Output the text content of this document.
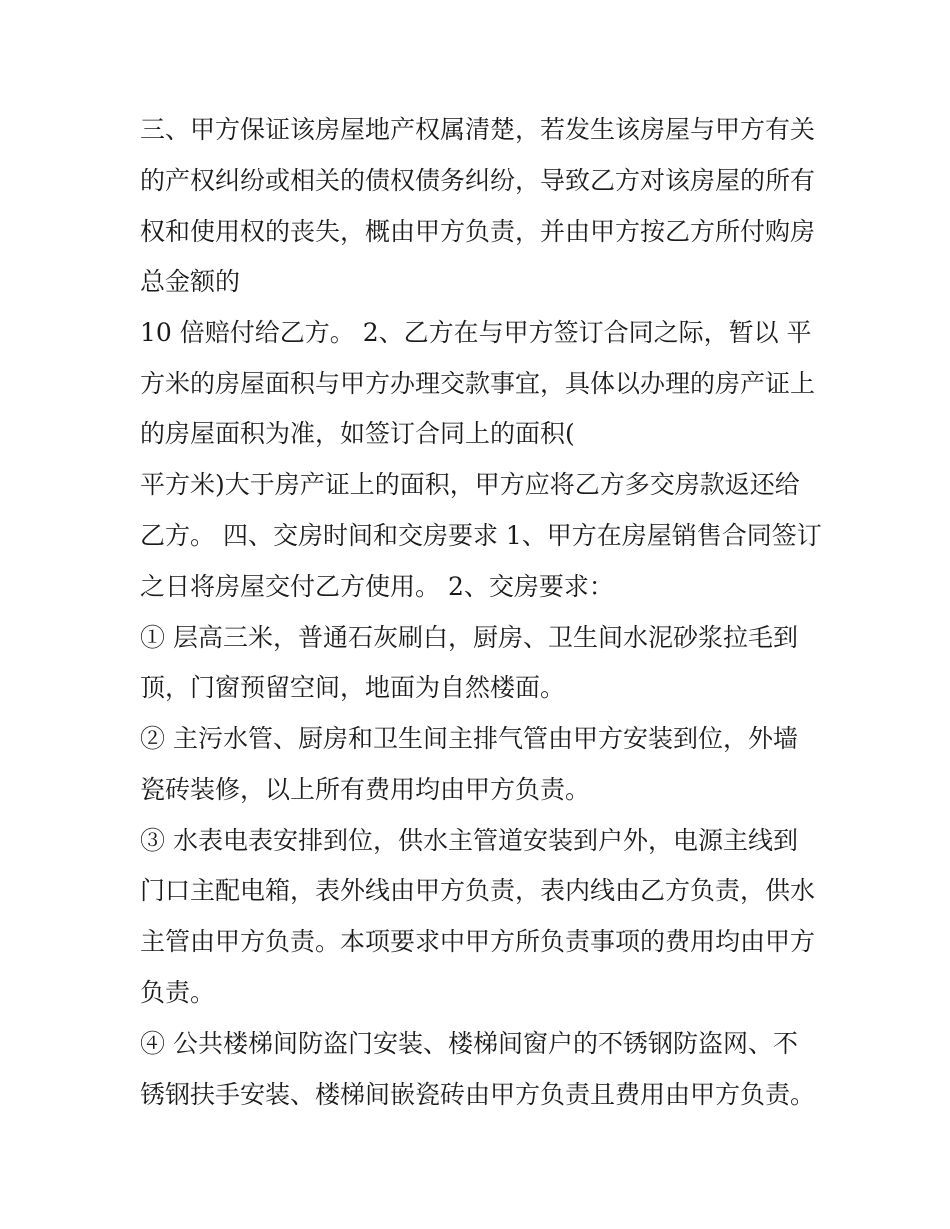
三、甲方保证该房屋地产权属清楚，若发生该房屋与甲方有关
的产权纠纷或相关的债权债务纠纷，导致乙方对该房屋的所有
权和使用权的丧失，概由甲方负责，并由甲方按乙方所付购房
总金额的
10 倍赔付给乙方。 2、乙方在与甲方签订合同之际，暂以 平
方米的房屋面积与甲方办理交款事宜，具体以办理的房产证上
的房屋面积为准，如签订合同上的面积(
平方米)大于房产证上的面积，甲方应将乙方多交房款返还给
乙方。 四、交房时间和交房要求 1、甲方在房屋销售合同签订
之日将房屋交付乙方使用。 2、交房要求：
① 层高三米，普通石灰刷白，厨房、卫生间水泥砂浆拉毛到
顶，门窗预留空间，地面为自然楼面。
② 主污水管、厨房和卫生间主排气管由甲方安装到位，外墙
瓷砖装修，以上所有费用均由甲方负责。
③ 水表电表安排到位，供水主管道安装到户外，电源主线到
门口主配电箱，表外线由甲方负责，表内线由乙方负责，供水
主管由甲方负责。本项要求中甲方所负责事项的费用均由甲方
负责。
④ 公共楼梯间防盗门安装、楼梯间窗户的不锈钢防盗网、不
锈钢扶手安装、楼梯间嵌瓷砖由甲方负责且费用由甲方负责。
